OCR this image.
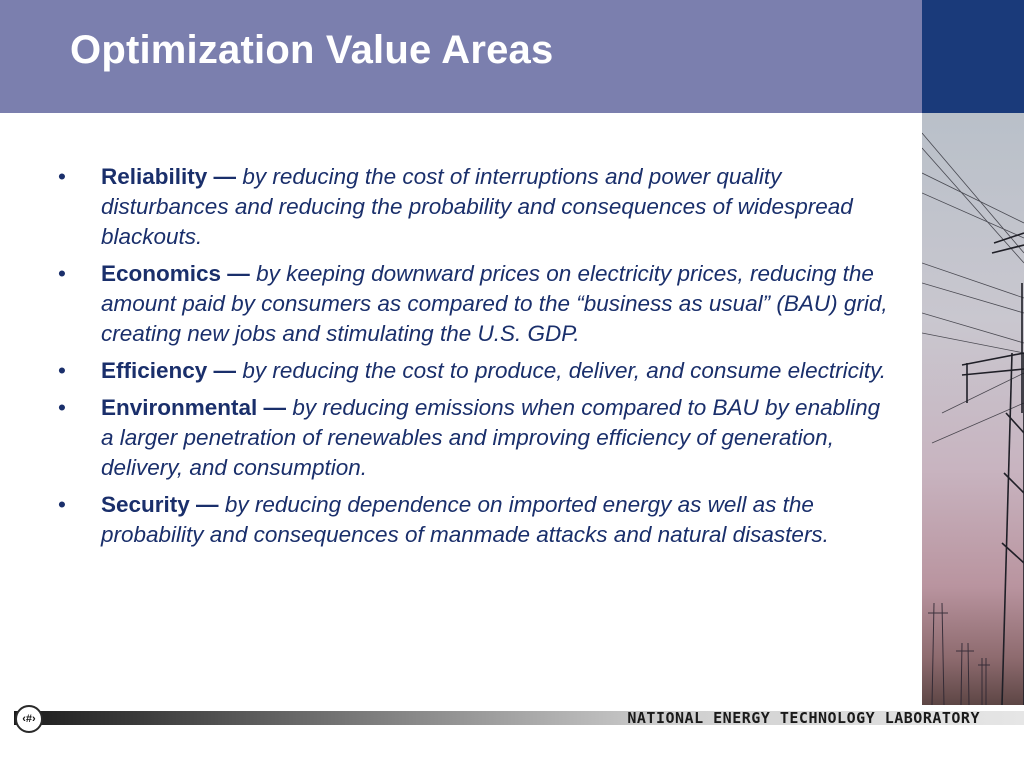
Optimization Value Areas
•	Reliability — by reducing the cost of interruptions and power quality disturbances and reducing the probability and consequences of widespread blackouts.
•	Economics — by keeping downward prices on electricity prices, reducing the amount paid by consumers as compared to the “business as usual” (BAU) grid, creating new jobs and stimulating the U.S. GDP.
•	Efficiency — by reducing the cost to produce, deliver, and consume electricity.
•	Environmental — by reducing emissions when compared to BAU by enabling a larger penetration of renewables and improving efficiency of generation, delivery, and consumption.
•	Security — by reducing dependence on imported energy as well as the probability and consequences of manmade attacks and natural disasters.
‹#›	NATIONAL ENERGY TECHNOLOGY LABORATORY
